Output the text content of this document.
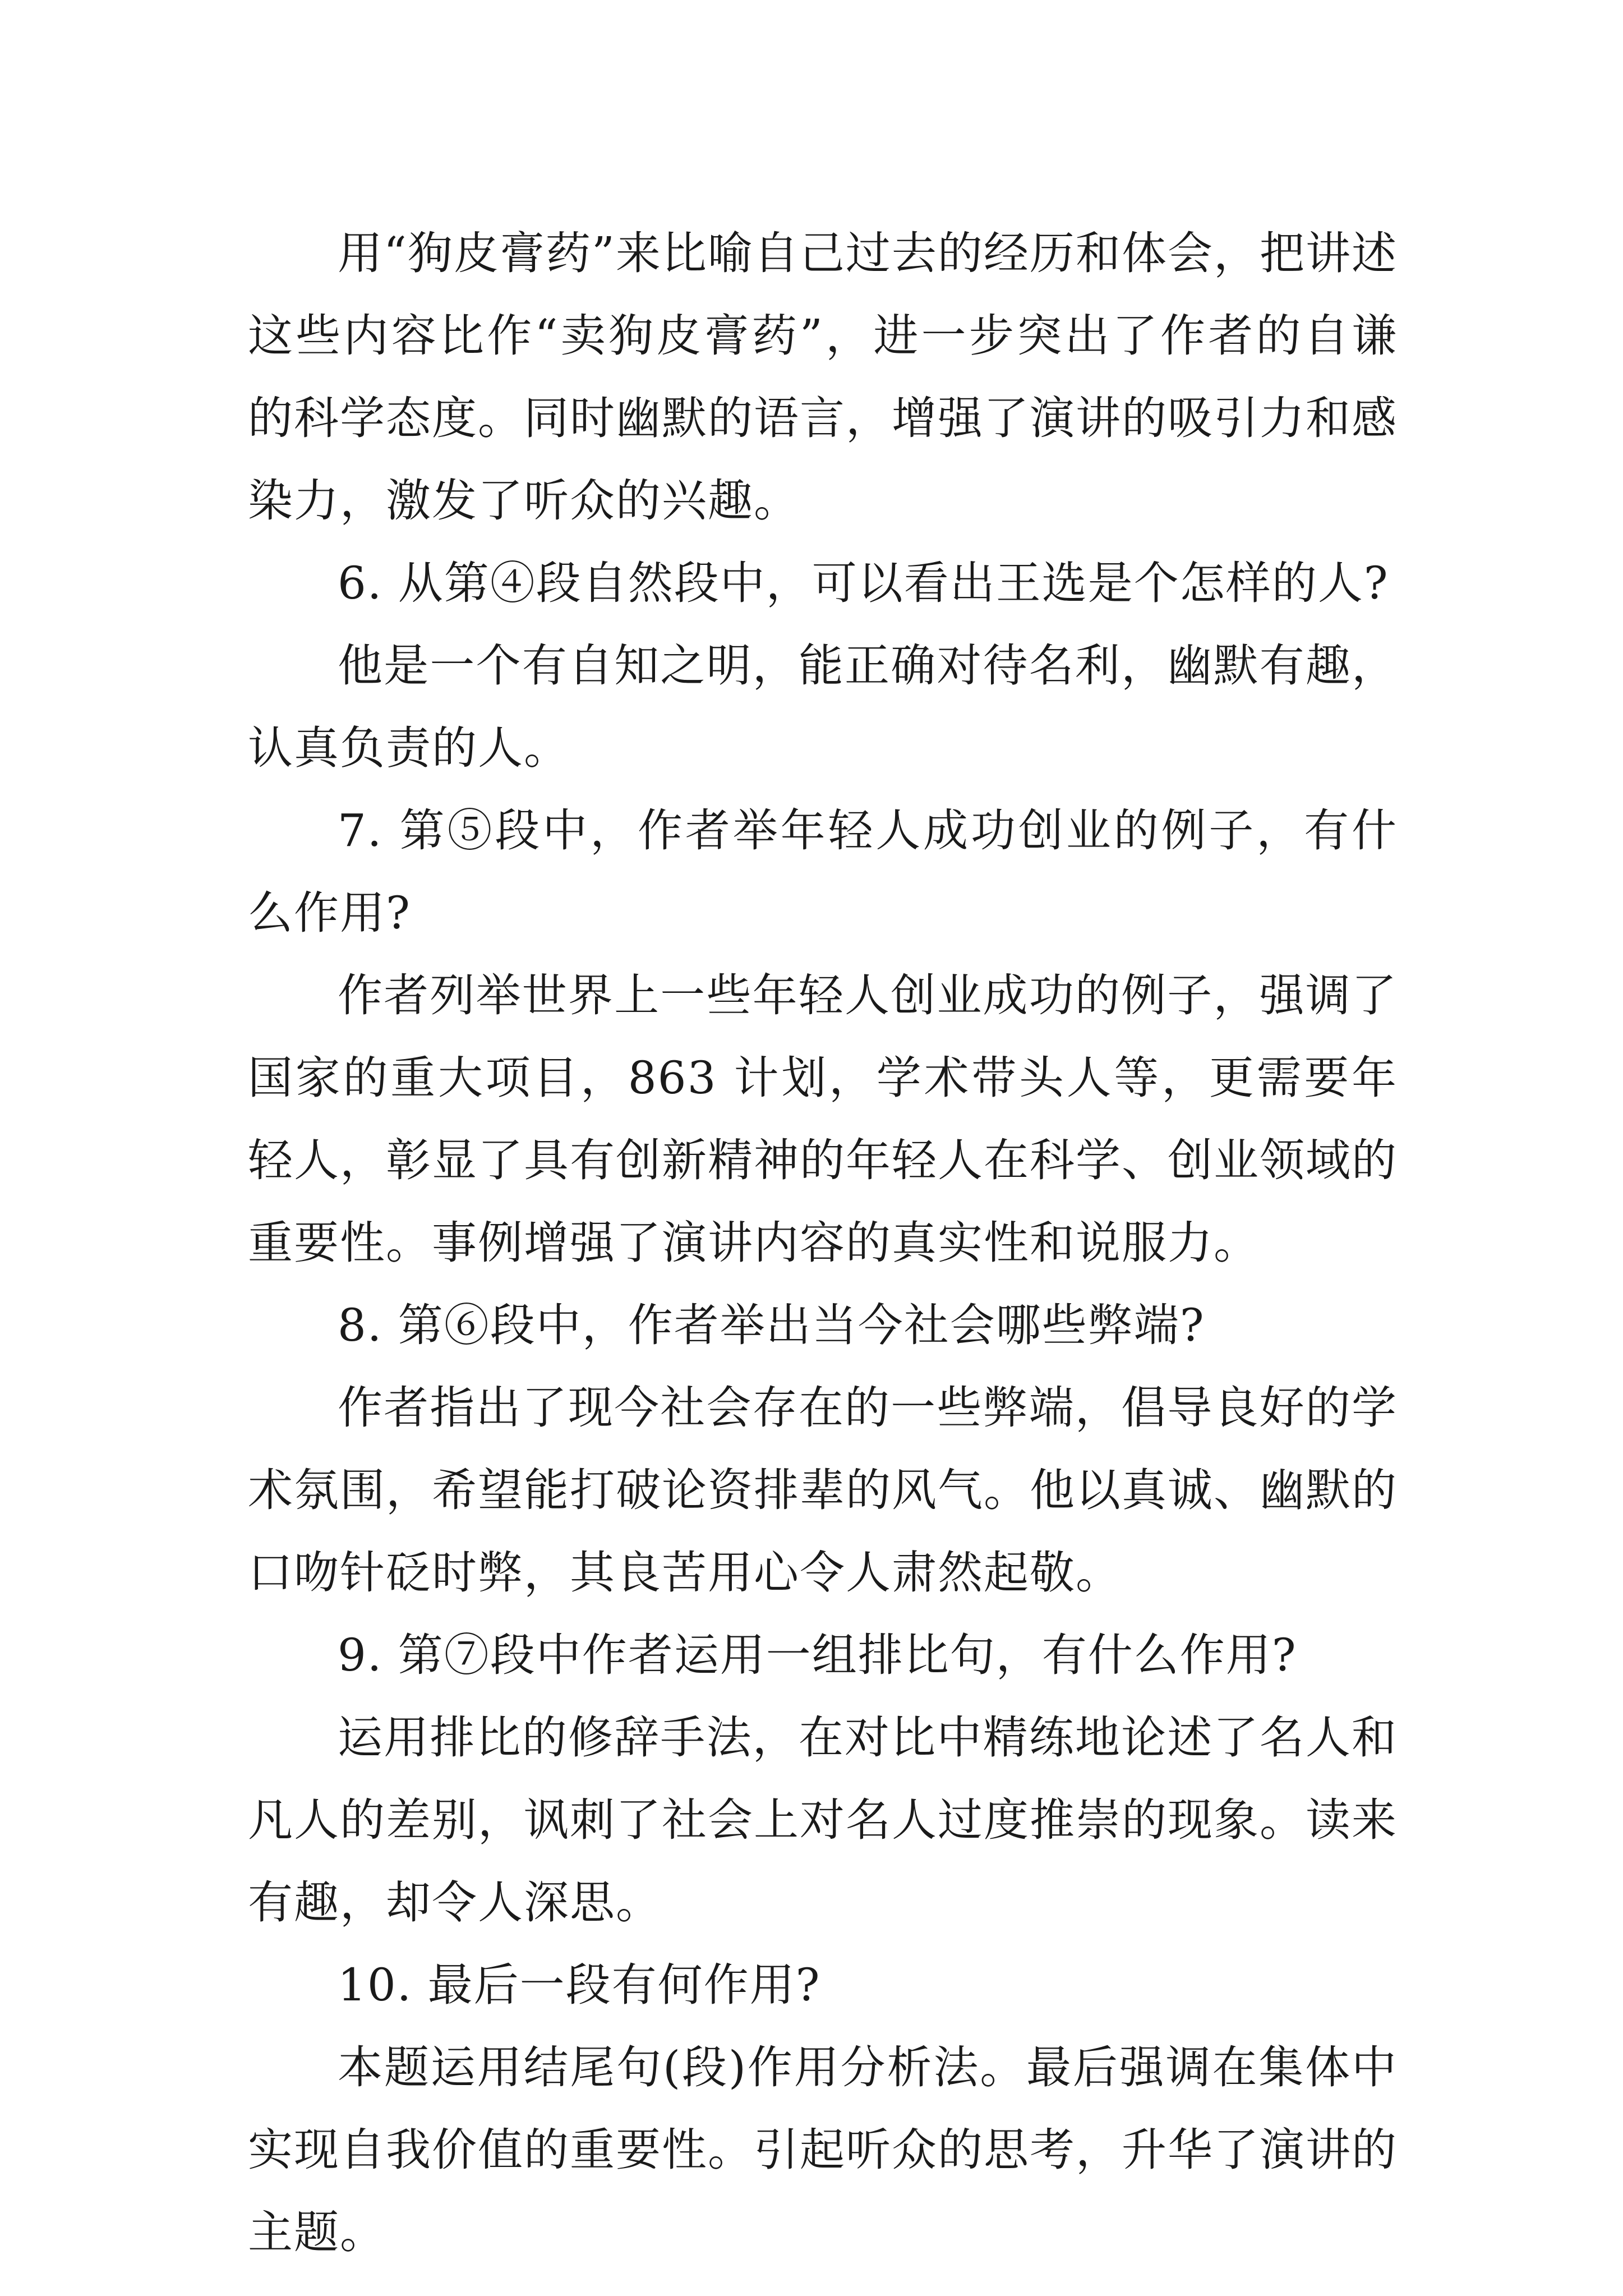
用“狗皮膏药”来比喻自己过去的经历和体会，把讲述这些内容比作“卖狗皮膏药”，进一步突出了作者的自谦的科学态度。同时幽默的语言，增强了演讲的吸引力和感染力，激发了听众的兴趣。

6. 从第④段自然段中，可以看出王选是个怎样的人?

他是一个有自知之明，能正确对待名利，幽默有趣，认真负责的人。

7. 第⑤段中，作者举年轻人成功创业的例子，有什么作用?

作者列举世界上一些年轻人创业成功的例子，强调了国家的重大项目，863 计划，学术带头人等，更需要年轻人，彰显了具有创新精神的年轻人在科学、创业领域的重要性。事例增强了演讲内容的真实性和说服力。

8. 第⑥段中，作者举出当今社会哪些弊端?

作者指出了现今社会存在的一些弊端，倡导良好的学术氛围，希望能打破论资排辈的风气。他以真诚、幽默的口吻针砭时弊，其良苦用心令人肃然起敬。

9. 第⑦段中作者运用一组排比句，有什么作用?

运用排比的修辞手法，在对比中精练地论述了名人和凡人的差别，讽刺了社会上对名人过度推崇的现象。读来有趣，却令人深思。

10. 最后一段有何作用?

本题运用结尾句(段)作用分析法。最后强调在集体中实现自我价值的重要性。引起听众的思考，升华了演讲的主题。
